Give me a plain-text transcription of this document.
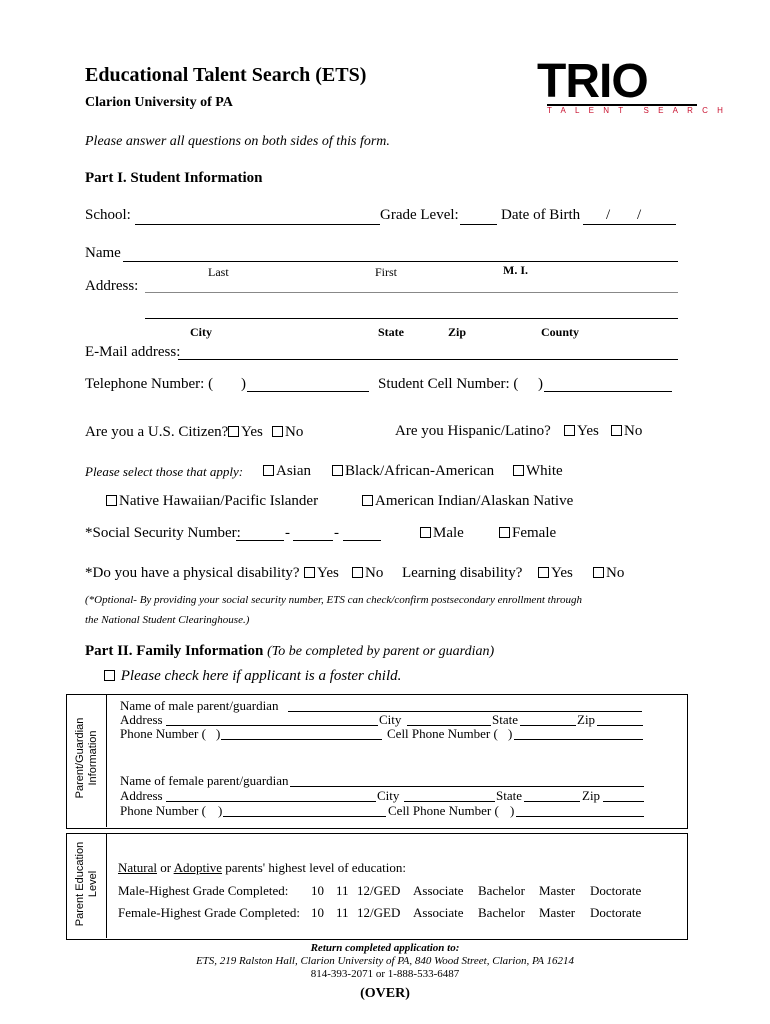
Educational Talent Search (ETS)
Clarion University of PA	TRIO
TALENT SEARCH
Please answer all questions on both sides of this form.
Part I. Student Information
School:	Grade Level:	Date of Birth / /
Name
Last	First	M. I.
Address:
City	State	Zip	County
E-Mail address:
Telephone Number: ( )	Student Cell Number: ( )
Are you a U.S. Citizen? Yes	No	Are you Hispanic/Latino?	Yes	No
Please select those that apply:	Asian	Black/African-American	White
Native Hawaiian/Pacific Islander	American Indian/Alaskan Native
*Social Security Number:	-	-	Male	Female
*Do you have a physical disability?	Yes	No Learning disability?	Yes	No
(*Optional- By providing your social security number, ETS can check/confirm postsecondary enrollment through
the National Student Clearinghouse.)
Part II. Family Information (To be completed by parent or guardian)
Please check here if applicant is a foster child.
Parent/Guardian Information
Name of male parent/guardian
Address	City	State	Zip
Phone Number ( )	Cell Phone Number ( )
Name of female parent/guardian
Address	City	State	Zip
Phone Number ( )	Cell Phone Number ( )
Parent Education Level
Natural or Adoptive parents' highest level of education:
Male-Highest Grade Completed: 10 11 12/GED Associate Bachelor Master Doctorate
Female-Highest Grade Completed: 10 11 12/GED Associate Bachelor Master Doctorate
Return completed application to:
ETS, 219 Ralston Hall, Clarion University of PA, 840 Wood Street, Clarion, PA 16214
814-393-2071 or 1-888-533-6487
(OVER)
